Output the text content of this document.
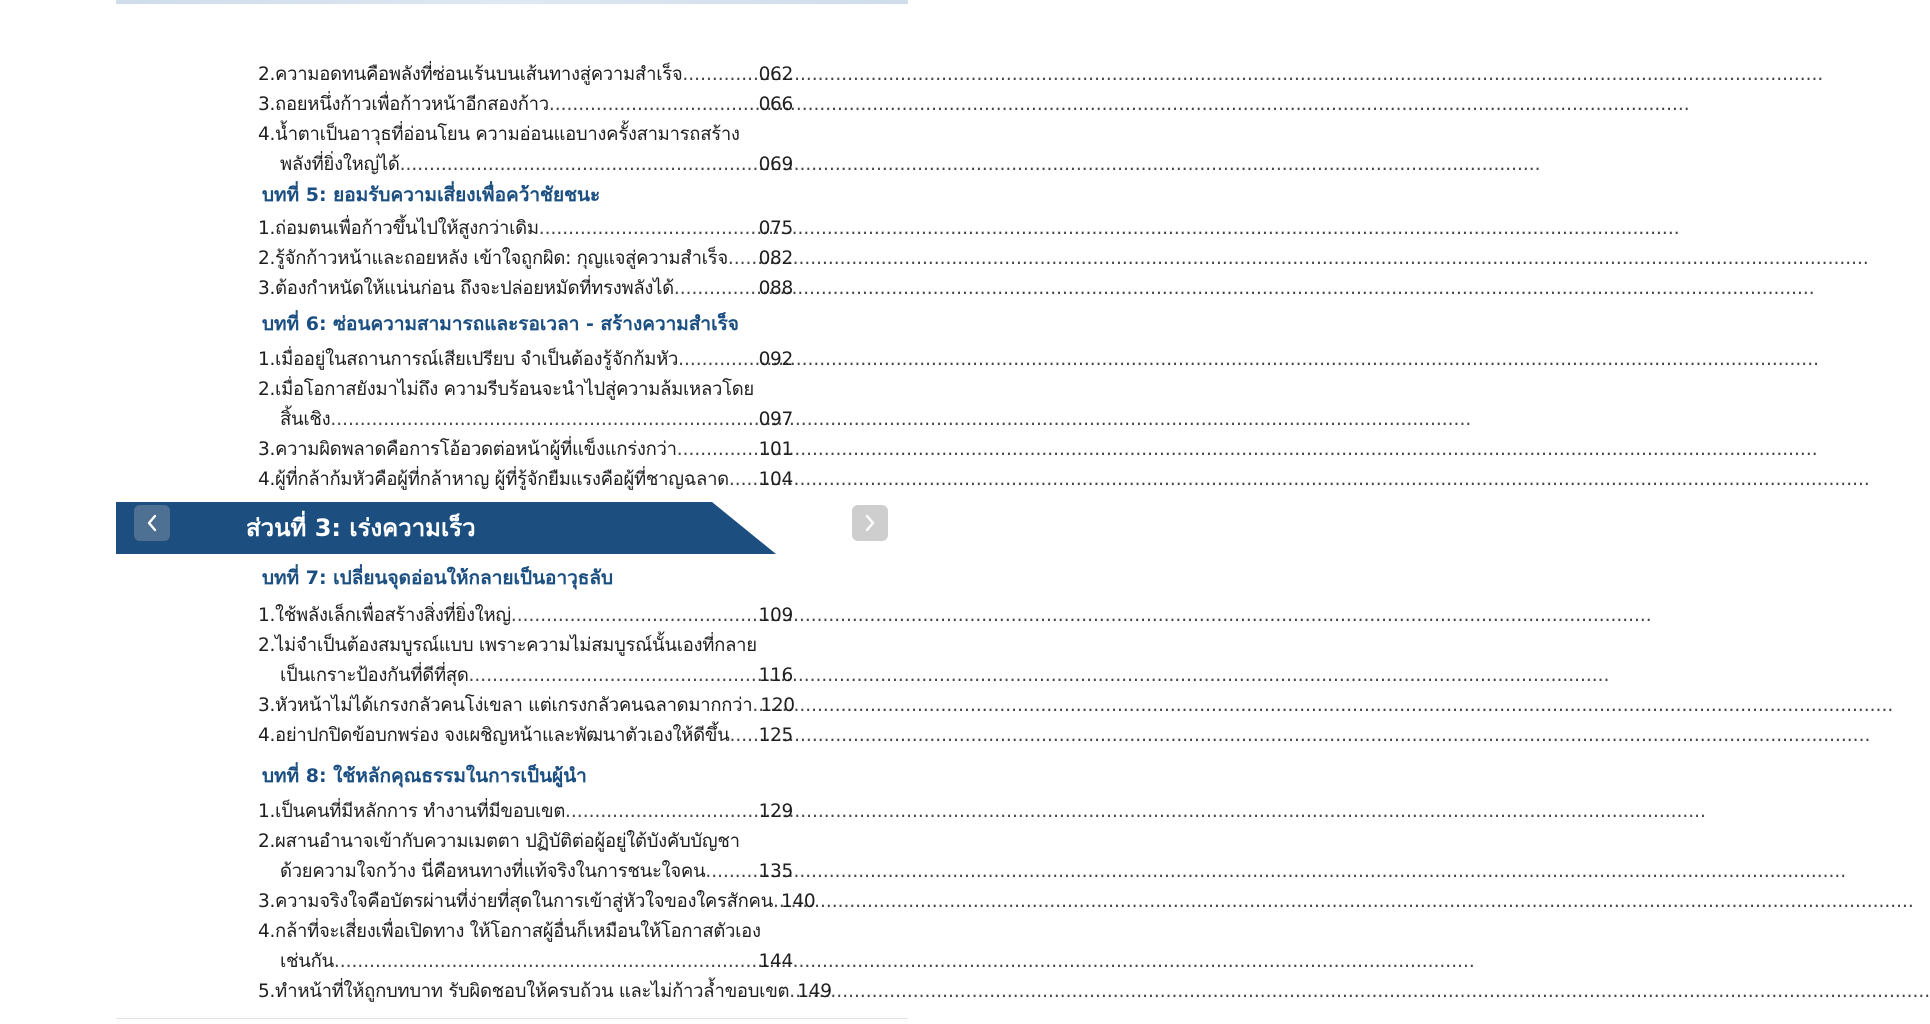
2.ความอดทนคือพลังที่ซ่อนเร้นบนเส้นทางสู่ความสำเร็จ .....	062
3.ถอยหนึ่งก้าวเพื่อก้าวหน้าอีกสองก้าว .....	066
4.น้ำตาเป็นอาวุธที่อ่อนโยน ความอ่อนแอบางครั้งสามารถสร้าง
พลังที่ยิ่งใหญ่ได้ .....	069
บทที่ 5: ยอมรับความเสี่ยงเพื่อคว้าชัยชนะ
1.ถ่อมตนเพื่อก้าวขึ้นไปให้สูงกว่าเดิม .....	075
2.รู้จักก้าวหน้าและถอยหลัง เข้าใจถูกผิด: กุญแจสู่ความสำเร็จ ..... 082
3.ต้องกำหนัดให้แน่นก่อน ถึงจะปล่อยหมัดที่ทรงพลังได้ .....	088
บทที่ 6: ซ่อนความสามารถและรอเวลา - สร้างความสำเร็จ
1.เมื่ออยู่ในสถานการณ์เสียเปรียบ จำเป็นต้องรู้จักก้มหัว .....	092
2.เมื่อโอกาสยังมาไม่ถึง ความรีบร้อนจะนำไปสู่ความล้มเหลวโดย
สิ้นเชิง .....	097
3.ความผิดพลาดคือการโอ้อวดต่อหน้าผู้ที่แข็งแกร่งกว่า .....	101
4.ผู้ที่กล้าก้มหัวคือผู้ที่กล้าหาญ ผู้ที่รู้จักยืมแรงคือผู้ที่ชาญฉลาด ..... 104
ส่วนที่ 3: เร่งความเร็ว
บทที่ 7: เปลี่ยนจุดอ่อนให้กลายเป็นอาวุธลับ
1.ใช้พลังเล็กเพื่อสร้างสิ่งที่ยิ่งใหญ่ .....	109
2.ไม่จำเป็นต้องสมบูรณ์แบบ เพราะความไม่สมบูรณ์นั้นเองที่กลาย
เป็นเกราะป้องกันที่ดีที่สุด .....	116
3.หัวหน้าไม่ได้เกรงกลัวคนโง่เขลา แต่เกรงกลัวคนฉลาดมากกว่า ..... 120
4.อย่าปกปิดข้อบกพร่อง จงเผชิญหน้าและพัฒนาตัวเองให้ดีขึ้น ..... 125
บทที่ 8: ใช้หลักคุณธรรมในการเป็นผู้นำ
1.เป็นคนที่มีหลักการ ทำงานที่มีขอบเขต .....	129
2.ผสานอำนาจเข้ากับความเมตตา ปฏิบัติต่อผู้อยู่ใต้บังคับบัญชา
ด้วยความใจกว้าง นี่คือหนทางที่แท้จริงในการชนะใจคน .....	135
3.ความจริงใจคือบัตรผ่านที่ง่ายที่สุดในการเข้าสู่หัวใจของใครสักคน ..... 140
4.กล้าที่จะเสี่ยงเพื่อเปิดทาง ให้โอกาสผู้อื่นก็เหมือนให้โอกาสตัวเอง
เช่นกัน .....	144
5.ทำหน้าที่ให้ถูกบทบาท รับผิดชอบให้ครบถ้วน และไม่ก้าวล้ำขอบเขต ..... 149
